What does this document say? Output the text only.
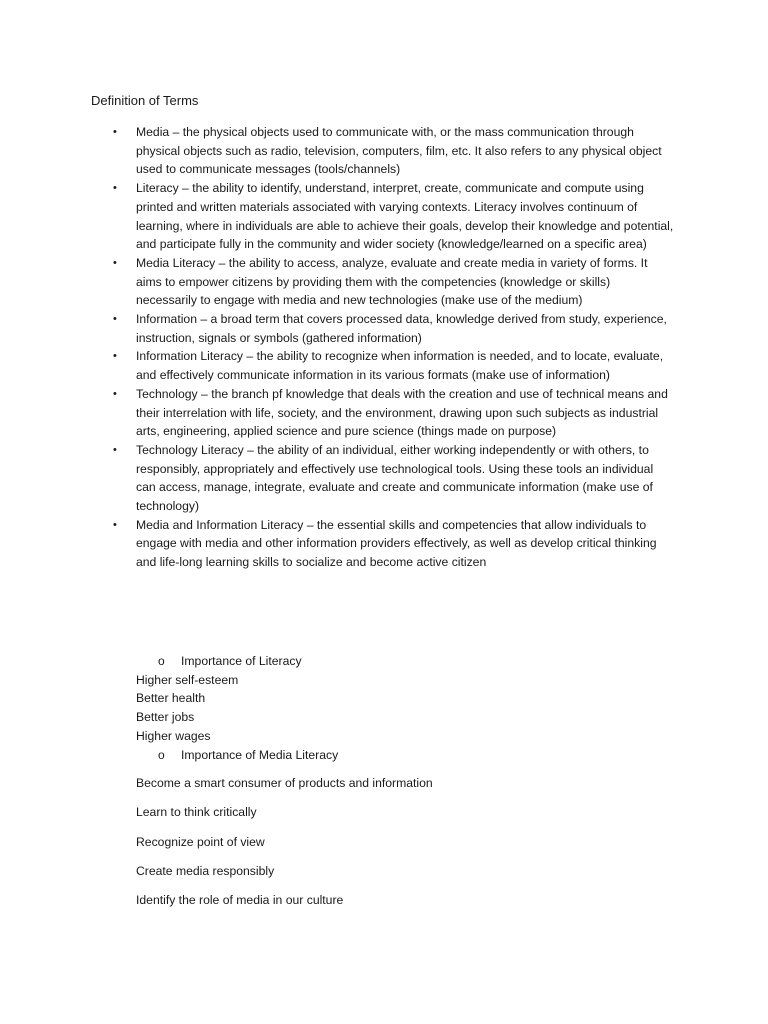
Definition of Terms
• Media – the physical objects used to communicate with, or the mass communication through physical objects such as radio, television, computers, film, etc. It also refers to any physical object used to communicate messages (tools/channels)
• Literacy – the ability to identify, understand, interpret, create, communicate and compute using printed and written materials associated with varying contexts. Literacy involves continuum of learning, where in individuals are able to achieve their goals, develop their knowledge and potential, and participate fully in the community and wider society (knowledge/learned on a specific area)
• Media Literacy – the ability to access, analyze, evaluate and create media in variety of forms. It aims to empower citizens by providing them with the competencies (knowledge or skills) necessarily to engage with media and new technologies (make use of the medium)
• Information – a broad term that covers processed data, knowledge derived from study, experience, instruction, signals or symbols (gathered information)
• Information Literacy – the ability to recognize when information is needed, and to locate, evaluate, and effectively communicate information in its various formats (make use of information)
• Technology – the branch pf knowledge that deals with the creation and use of technical means and their interrelation with life, society, and the environment, drawing upon such subjects as industrial arts, engineering, applied science and pure science (things made on purpose)
• Technology Literacy – the ability of an individual, either working independently or with others, to responsibly, appropriately and effectively use technological tools. Using these tools an individual can access, manage, integrate, evaluate and create and communicate information (make use of technology)
• Media and Information Literacy – the essential skills and competencies that allow individuals to engage with media and other information providers effectively, as well as develop critical thinking and life-long learning skills to socialize and become active citizen
o Importance of Literacy
Higher self-esteem
Better health
Better jobs
Higher wages
o Importance of Media Literacy
Become a smart consumer of products and information
Learn to think critically
Recognize point of view
Create media responsibly
Identify the role of media in our culture
